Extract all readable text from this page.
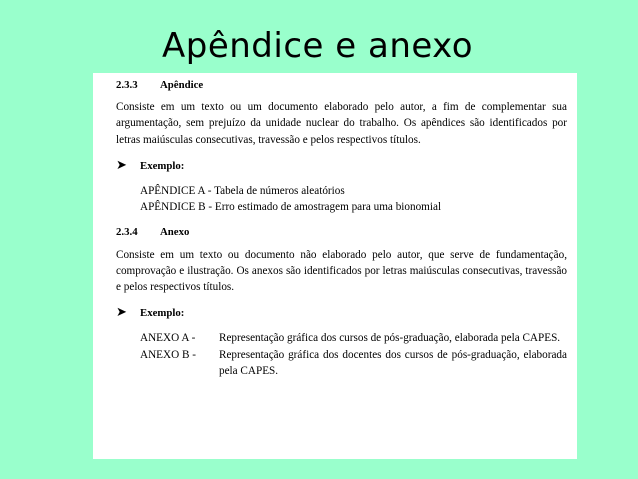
Apêndice e anexo

2.3.3 Apêndice

Consiste em um texto ou um documento elaborado pelo autor, a fim de complementar sua argumentação, sem prejuízo da unidade nuclear do trabalho. Os apêndices são identificados por letras maiúsculas consecutivas, travessão e pelos respectivos títulos.

➤ Exemplo:

APÊNDICE A - Tabela de números aleatórios
APÊNDICE B - Erro estimado de amostragem para uma bionomial

2.3.4 Anexo

Consiste em um texto ou documento não elaborado pelo autor, que serve de fundamentação, comprovação e ilustração. Os anexos são identificados por letras maiúsculas consecutivas, travessão e pelos respectivos títulos.

➤ Exemplo:

ANEXO A -	Representação gráfica dos cursos de pós-graduação, elaborada pela CAPES.
ANEXO B -	Representação gráfica dos docentes dos cursos de pós-graduação, elaborada pela CAPES.
